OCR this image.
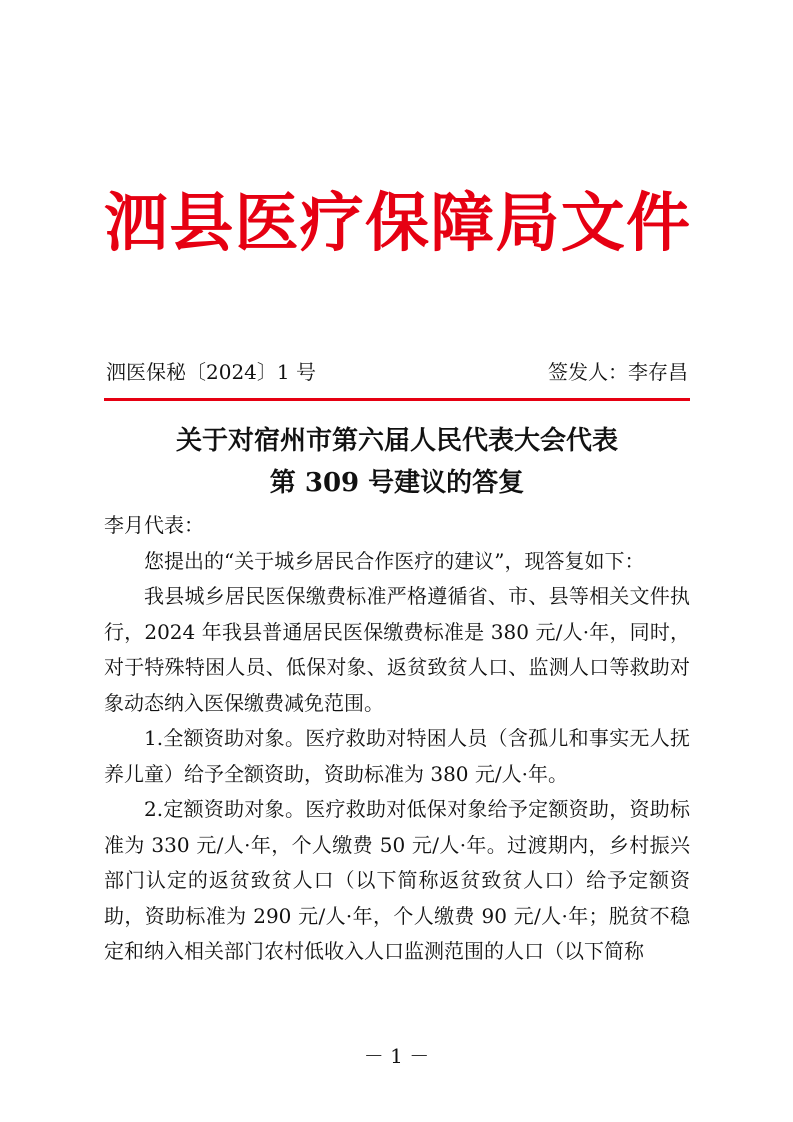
泗 县 医 疗 保 障 局 文 件
泗医保秘〔2024〕1 号	签发人：李存昌
关于对宿州市第六届人民代表大会代表
第 309 号建议的答复

李月代表：

您提出的“关于城乡居民合作医疗的建议”，现答复如下：

我县城乡居民医保缴费标准严格遵循省、市、县等相关文件执行，2024 年我县普通居民医保缴费标准是 380 元/人·年，同时，对于特殊特困人员、低保对象、返贫致贫人口、监测人口等救助对象动态纳入医保缴费减免范围。

1.全额资助对象。医疗救助对特困人员（含孤儿和事实无人抚养儿童）给予全额资助，资助标准为 380 元/人·年。

2.定额资助对象。医疗救助对低保对象给予定额资助，资助标准为 330 元/人·年，个人缴费 50 元/人·年。过渡期内，乡村振兴部门认定的返贫致贫人口（以下简称返贫致贫人口）给予定额资助，资助标准为 290 元/人·年，个人缴费 90 元/人·年；脱贫不稳定和纳入相关部门农村低收入人口监测范围的人口（以下简称

－ 1 －
